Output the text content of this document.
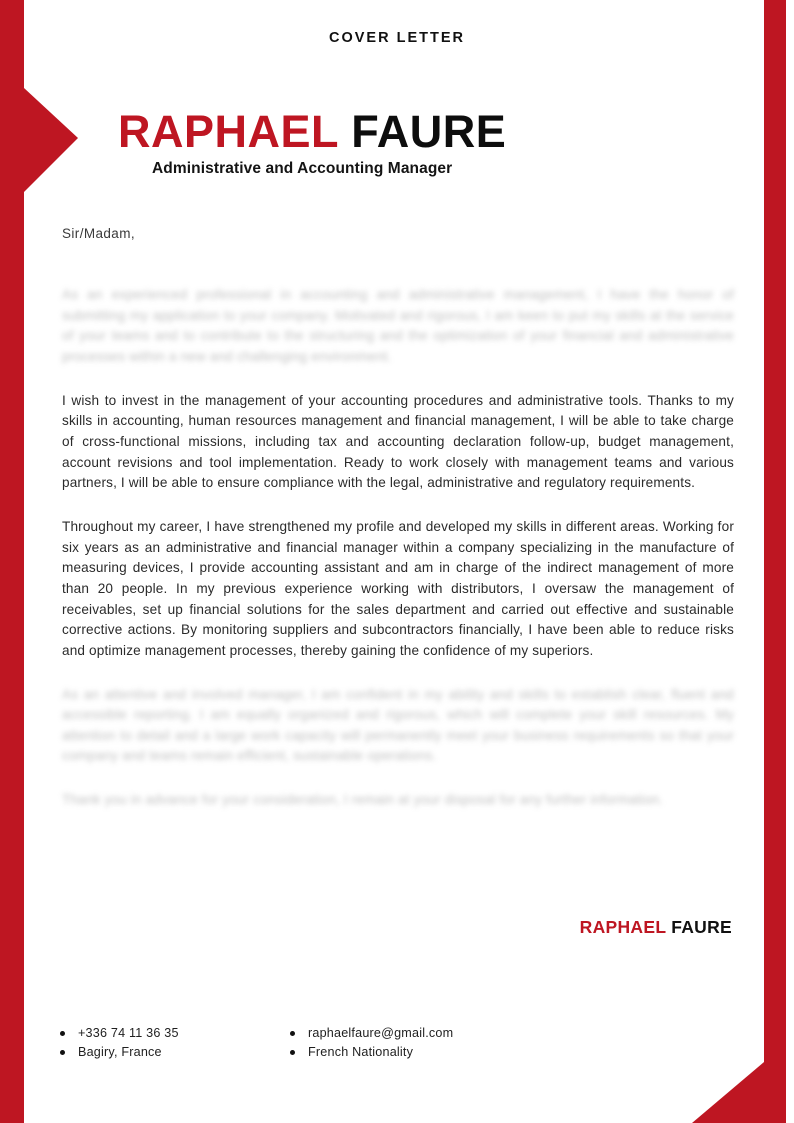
COVER LETTER
RAPHAEL FAURE
Administrative and Accounting Manager
Sir/Madam,

As an experienced professional in accounting and administrative management, I have the honor of submitting my application to your company. Motivated and rigorous, I am keen to put my skills at the service of your teams and to contribute to the structuring and the optimization of your financial and administrative processes within a new and challenging environment.

I wish to invest in the management of your accounting procedures and administrative tools. Thanks to my skills in accounting, human resources management and financial management, I will be able to take charge of cross-functional missions, including tax and accounting declaration follow-up, budget management, account revisions and tool implementation. Ready to work closely with management teams and various partners, I will be able to ensure compliance with the legal, administrative and regulatory requirements.

Throughout my career, I have strengthened my profile and developed my skills in different areas. Working for six years as an administrative and financial manager within a company specializing in the manufacture of measuring devices, I provide accounting assistant and am in charge of the indirect management of more than 20 people. In my previous experience working with distributors, I oversaw the management of receivables, set up financial solutions for the sales department and carried out effective and sustainable corrective actions. By monitoring suppliers and subcontractors financially, I have been able to reduce risks and optimize management processes, thereby gaining the confidence of my superiors.

As an attentive and involved manager, I am confident in my ability and skills to establish clear, fluent and accessible reporting. I am equally organized and rigorous, which will complete your skill resources. My attention to detail and a large work capacity will permanently meet your business requirements so that your company and teams remain efficient, sustainable operations.

Thank you in advance for your consideration, I remain at your disposal for any further information.

RAPHAEL FAURE
+336 74 11 36 35
Bagiry, France
raphaelfaure@gmail.com
French Nationality
